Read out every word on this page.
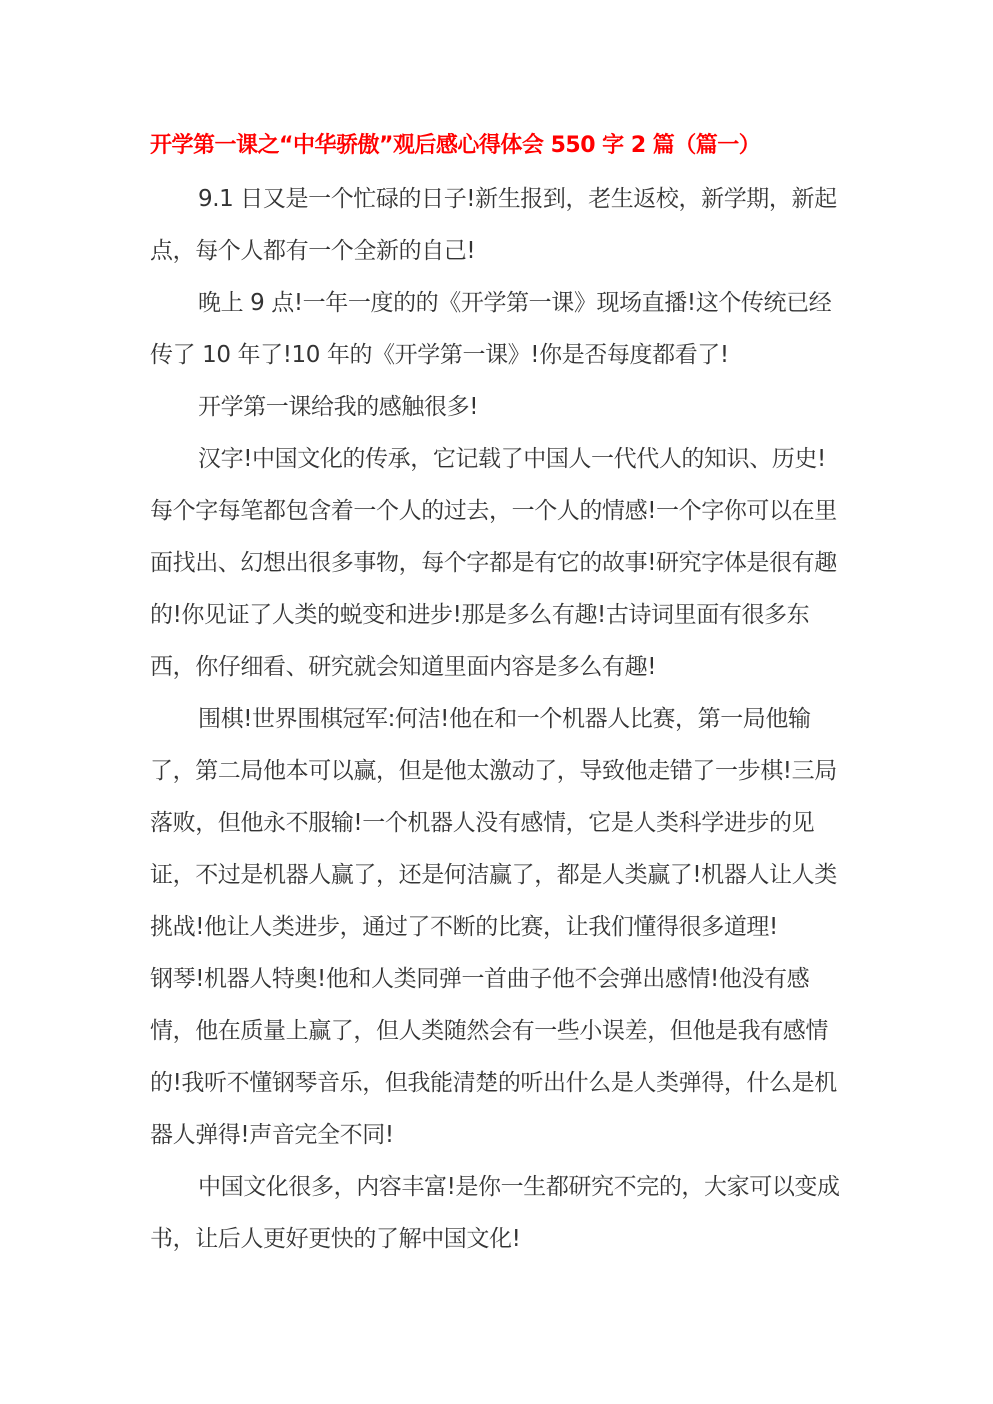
开学第一课之“中华骄傲”观后感心得体会 550 字 2 篇（篇一）

9.1 日又是一个忙碌的日子!新生报到，老生返校，新学期，新起点，每个人都有一个全新的自己!

晚上 9 点!一年一度的的《开学第一课》现场直播!这个传统已经传了 10 年了!10 年的《开学第一课》!你是否每度都看了!

开学第一课给我的感触很多!

汉字!中国文化的传承，它记载了中国人一代代人的知识、历史!每个字每笔都包含着一个人的过去，一个人的情感!一个字你可以在里面找出、幻想出很多事物，每个字都是有它的故事!研究字体是很有趣的!你见证了人类的蜕变和进步!那是多么有趣!古诗词里面有很多东西，你仔细看、研究就会知道里面内容是多么有趣!

围棋!世界围棋冠军:何洁!他在和一个机器人比赛，第一局他输了，第二局他本可以赢，但是他太激动了，导致他走错了一步棋!三局落败，但他永不服输!一个机器人没有感情，它是人类科学进步的见证，不过是机器人赢了，还是何洁赢了，都是人类赢了!机器人让人类挑战!他让人类进步，通过了不断的比赛，让我们懂得很多道理!

钢琴!机器人特奥!他和人类同弹一首曲子他不会弹出感情!他没有感情，他在质量上赢了，但人类随然会有一些小误差，但他是我有感情的!我听不懂钢琴音乐，但我能清楚的听出什么是人类弹得，什么是机器人弹得!声音完全不同!

中国文化很多，内容丰富!是你一生都研究不完的，大家可以变成书，让后人更好更快的了解中国文化!
